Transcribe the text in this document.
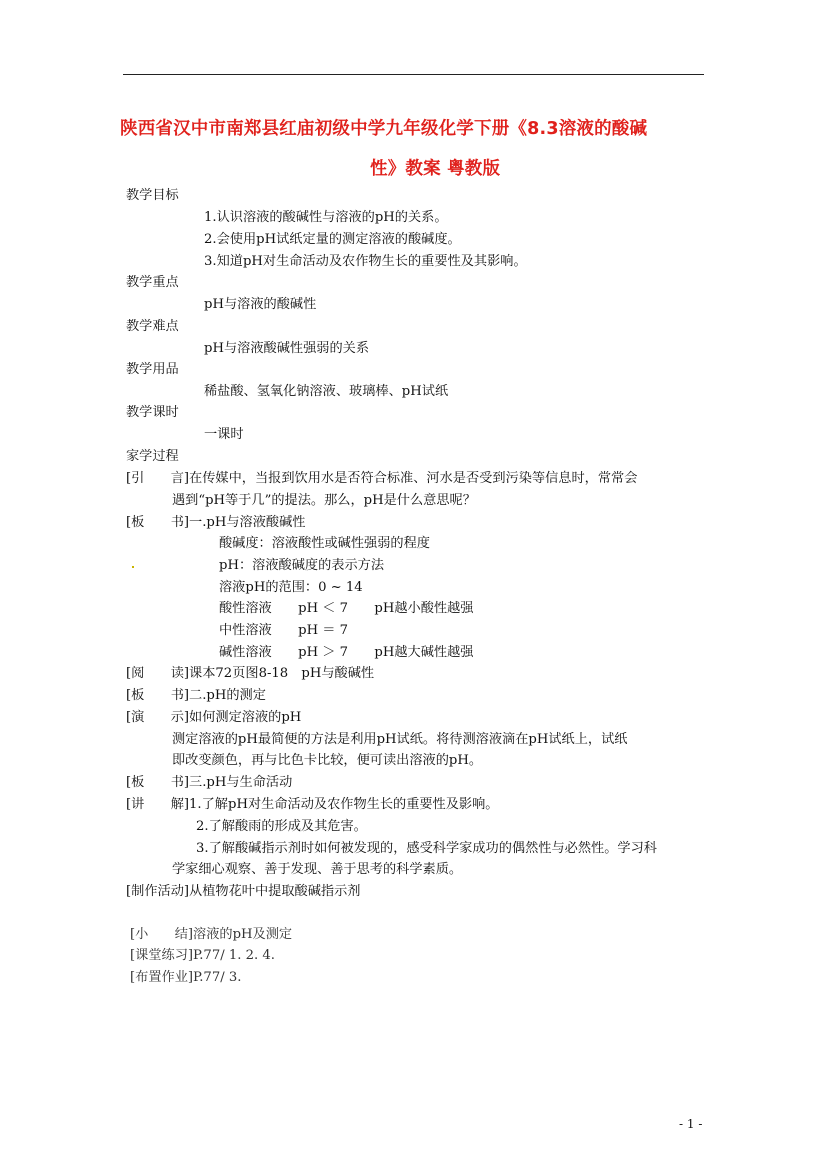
陕西省汉中市南郑县红庙初级中学九年级化学下册《8.3溶液的酸碱
性》教案 粤教版
教学目标
1.认识溶液的酸碱性与溶液的pH的关系。
2.会使用pH试纸定量的测定溶液的酸碱度。
3.知道pH对生命活动及农作物生长的重要性及其影响。
教学重点
pH与溶液的酸碱性
教学难点
pH与溶液酸碱性强弱的关系
教学用品
稀盐酸、氢氧化钠溶液、玻璃棒、pH试纸
教学课时
一课时
家学过程
[引　　言]在传媒中，当报到饮用水是否符合标准、河水是否受到污染等信息时，常常会
遇到“pH等于几”的提法。那么，pH是什么意思呢？
[板　　书]一.pH与溶液酸碱性
酸碱度：溶液酸性或碱性强弱的程度
pH：溶液酸碱度的表示方法
溶液pH的范围：0 ~ 14
酸性溶液　　pH ＜ 7　　pH越小酸性越强
中性溶液　　pH ＝ 7
碱性溶液　　pH ＞ 7　　pH越大碱性越强
[阅　　读]课本72页图8-18　pH与酸碱性
[板　　书]二.pH的测定
[演　　示]如何测定溶液的pH
测定溶液的pH最简便的方法是利用pH试纸。将待测溶液滴在pH试纸上，试纸
即改变颜色，再与比色卡比较，便可读出溶液的pH。
[板　　书]三.pH与生命活动
[讲　　解]1.了解pH对生命活动及农作物生长的重要性及影响。
2.了解酸雨的形成及其危害。
3.了解酸碱指示剂时如何被发现的，感受科学家成功的偶然性与必然性。学习科
学家细心观察、善于发现、善于思考的科学素质。
[制作活动]从植物花叶中提取酸碱指示剂
[小　　结]溶液的pH及测定
[课堂练习]P.77/ 1. 2. 4.
[布置作业]P.77/ 3.
- 1 -
